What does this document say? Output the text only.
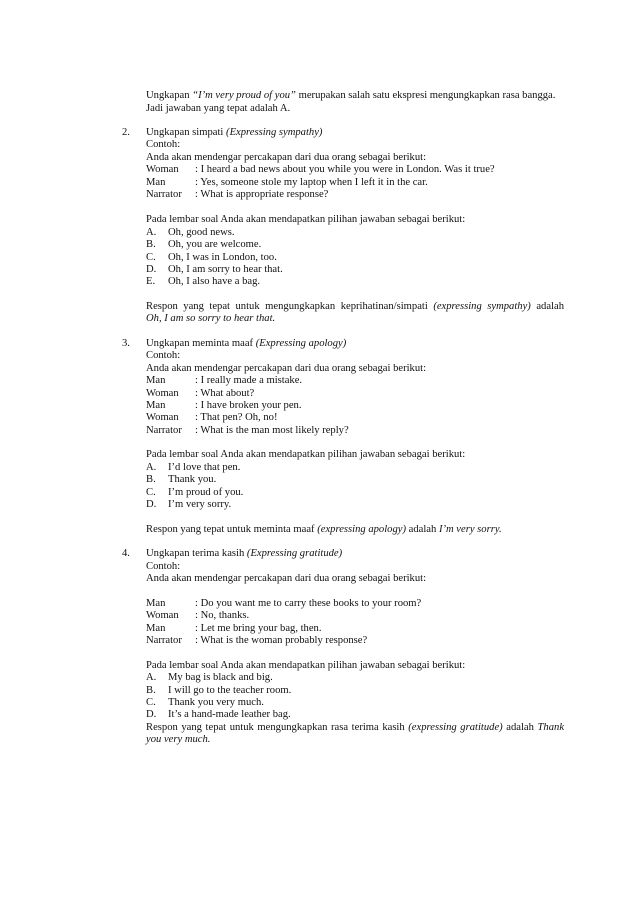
Ungkapan “I’m very proud of you” merupakan salah satu ekspresi mengungkapkan rasa bangga.
Jadi jawaban yang tepat adalah A.
2. Ungkapan simpati (Expressing sympathy)
Contoh:
Anda akan mendengar percakapan dari dua orang sebagai berikut:
Woman : I heard a bad news about you while you were in London. Was it true?
Man	: Yes, someone stole my laptop when I left it in the car.
Narrator : What is appropriate response?
Pada lembar soal Anda akan mendapatkan pilihan jawaban sebagai berikut:
A. Oh, good news.
B. Oh, you are welcome.
C. Oh, I was in London, too.
D. Oh, I am sorry to hear that.
E. Oh, I also have a bag.
Respon yang tepat untuk mengungkapkan keprihatinan/simpati (expressing sympathy) adalah
Oh, I am so sorry to hear that.
3. Ungkapan meminta maaf (Expressing apology)
Contoh:
Anda akan mendengar percakapan dari dua orang sebagai berikut:
Man	: I really made a mistake.
Woman : What about?
Man	: I have broken your pen.
Woman : That pen? Oh, no!
Narrator : What is the man most likely reply?
Pada lembar soal Anda akan mendapatkan pilihan jawaban sebagai berikut:
A. I’d love that pen.
B. Thank you.
C. I’m proud of you.
D. I’m very sorry.
Respon yang tepat untuk meminta maaf (expressing apology) adalah I’m very sorry.
4. Ungkapan terima kasih (Expressing gratitude)
Contoh:
Anda akan mendengar percakapan dari dua orang sebagai berikut:
Man	: Do you want me to carry these books to your room?
Woman : No, thanks.
Man	: Let me bring your bag, then.
Narrator : What is the woman probably response?
Pada lembar soal Anda akan mendapatkan pilihan jawaban sebagai berikut:
A. My bag is black and big.
B. I will go to the teacher room.
C. Thank you very much.
D. It’s a hand-made leather bag.
Respon yang tepat untuk mengungkapkan rasa terima kasih (expressing gratitude) adalah Thank
you very much.
